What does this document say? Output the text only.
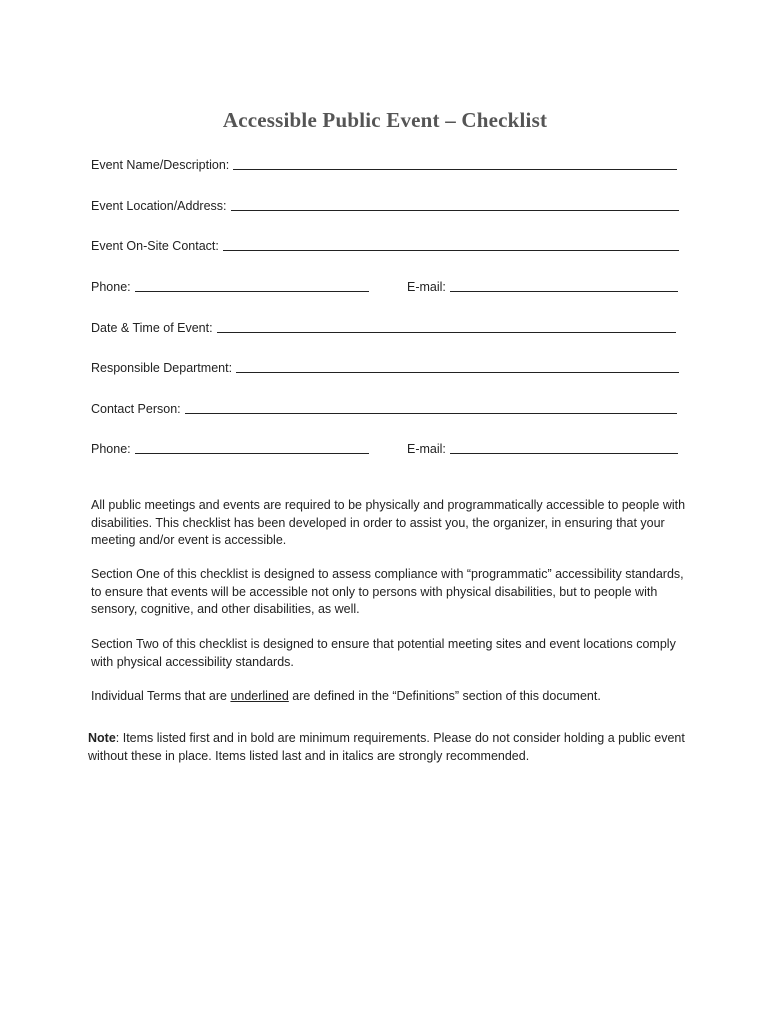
Accessible Public Event – Checklist
Event Name/Description:
Event Location/Address:
Event On-Site Contact:
Phone:	E-mail:
Date & Time of Event:
Responsible Department:
Contact Person:
Phone:	E-mail:
All public meetings and events are required to be physically and programmatically accessible to people with disabilities. This checklist has been developed in order to assist you, the organizer, in ensuring that your meeting and/or event is accessible.
Section One of this checklist is designed to assess compliance with “programmatic” accessibility standards, to ensure that events will be accessible not only to persons with physical disabilities, but to people with sensory, cognitive, and other disabilities, as well.
Section Two of this checklist is designed to ensure that potential meeting sites and event locations comply with physical accessibility standards.
Individual Terms that are underlined are defined in the “Definitions” section of this document.
Note: Items listed first and in bold are minimum requirements. Please do not consider holding a public event without these in place. Items listed last and in italics are strongly recommended.
